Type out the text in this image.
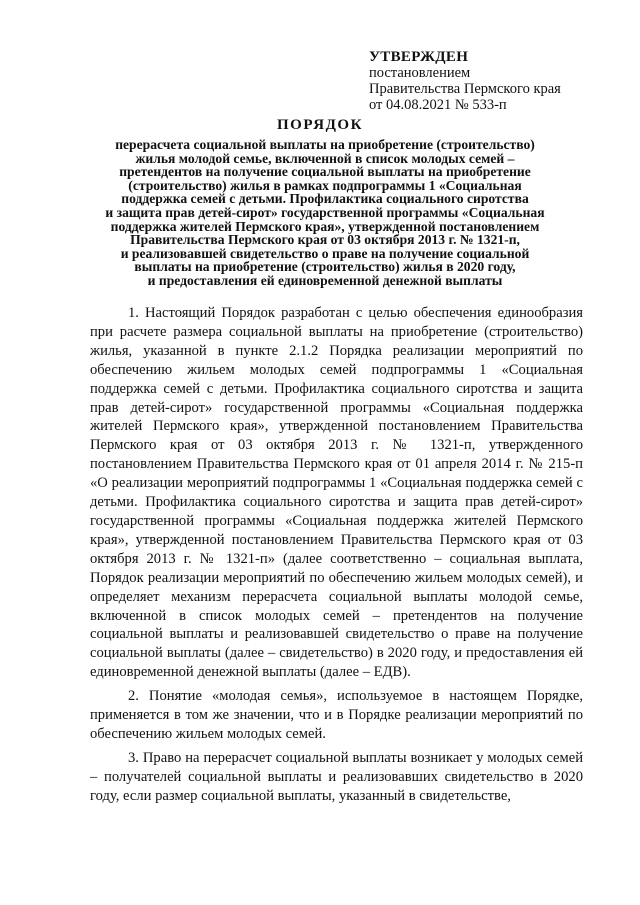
УТВЕРЖДЕН
постановлением
Правительства Пермского края
от 04.08.2021 № 533-п
ПОРЯДОК
перерасчета социальной выплаты на приобретение (строительство)
жилья молодой семье, включенной в список молодых семей –
претендентов на получение социальной выплаты на приобретение
(строительство) жилья в рамках подпрограммы 1 «Социальная
поддержка семей с детьми. Профилактика социального сиротства
и защита прав детей-сирот» государственной программы «Социальная
поддержка жителей Пермского края», утвержденной постановлением
Правительства Пермского края от 03 октября 2013 г. № 1321-п,
и реализовавшей свидетельство о праве на получение социальной
выплаты на приобретение (строительство) жилья в 2020 году,
и предоставления ей единовременной денежной выплаты

1. Настоящий Порядок разработан с целью обеспечения единообразия при расчете размера социальной выплаты на приобретение (строительство) жилья, указанной в пункте 2.1.2 Порядка реализации мероприятий по обеспечению жильем молодых семей подпрограммы 1 «Социальная поддержка семей с детьми. Профилактика социального сиротства и защита прав детей-сирот» государственной программы «Социальная поддержка жителей Пермского края», утвержденной постановлением Правительства Пермского края от 03 октября 2013 г. № 1321-п, утвержденного постановлением Правительства Пермского края от 01 апреля 2014 г. № 215-п «О реализации мероприятий подпрограммы 1 «Социальная поддержка семей с детьми. Профилактика социального сиротства и защита прав детей-сирот» государственной программы «Социальная поддержка жителей Пермского края», утвержденной постановлением Правительства Пермского края от 03 октября 2013 г. № 1321-п» (далее соответственно – социальная выплата, Порядок реализации мероприятий по обеспечению жильем молодых семей), и определяет механизм перерасчета социальной выплаты молодой семье, включенной в список молодых семей – претендентов на получение социальной выплаты и реализовавшей свидетельство о праве на получение социальной выплаты (далее – свидетельство) в 2020 году, и предоставления ей единовременной денежной выплаты (далее – ЕДВ).

2. Понятие «молодая семья», используемое в настоящем Порядке, применяется в том же значении, что и в Порядке реализации мероприятий по обеспечению жильем молодых семей.

3. Право на перерасчет социальной выплаты возникает у молодых семей – получателей социальной выплаты и реализовавших свидетельство в 2020 году, если размер социальной выплаты, указанный в свидетельстве,
